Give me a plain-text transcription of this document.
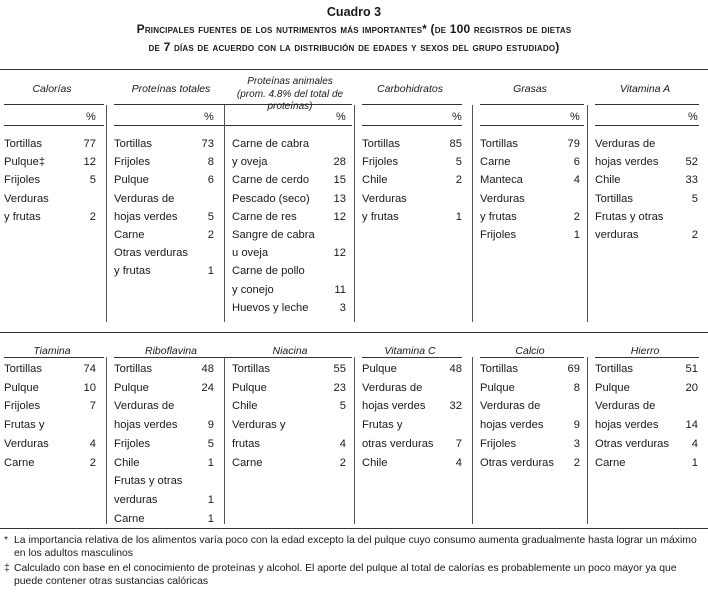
Cuadro 3
Principales fuentes de los nutrimentos más importantes* (de 100 registros de dietas
de 7 días de acuerdo con la distribución de edades y sexos del grupo estudiado)
Calorías
%
Tortillas	77
Pulque‡	12
Frijoles	5
Verduras
y frutas	2
Proteínas totales
%
Tortillas	73
Frijoles	8
Pulque	6
Verduras de
hojas verdes	5
Carne	2
Otras verduras
y frutas	1
Proteínas animales (prom. 4.8% del total de proteínas)
%
Carne de cabra
y oveja	28
Carne de cerdo	15
Pescado (seco)	13
Carne de res	12
Sangre de cabra
u oveja	12
Carne de pollo
y conejo	11
Huevos y leche	3
Carbohidratos
%
Tortillas	85
Frijoles	5
Chile	2
Verduras
y frutas	1
Grasas
%
Tortillas	79
Carne	6
Manteca	4
Verduras
y frutas	2
Frijoles	1
Vitamina A
%
Verduras de
hojas verdes	52
Chile	33
Tortillas	5
Frutas y otras
verduras	2
Tiamina
Tortillas	74
Pulque	10
Frijoles	7
Frutas y
Verduras	4
Carne	2
Riboflavina
Tortillas	48
Pulque	24
Verduras de
hojas verdes	9
Frijoles	5
Chile	1
Frutas y otras
verduras	1
Carne	1
Niacina
Tortillas	55
Pulque	23
Chile	5
Verduras y
frutas	4
Carne	2
Vitamina C
Pulque	48
Verduras de
hojas verdes	32
Frutas y
otras verduras	7
Chile	4
Calcio
Tortillas	69
Pulque	8
Verduras de
hojas verdes	9
Frijoles	3
Otras verduras	2
Hierro
Tortillas	51
Pulque	20
Verduras de
hojas verdes	14
Otras verduras	4
Carne	1
* La importancia relativa de los alimentos varía poco con la edad excepto la del pulque cuyo consumo aumenta gradualmente hasta lograr un máximo en los adultos masculinos
‡ Calculado con base en el conocimiento de proteínas y alcohol. El aporte del pulque al total de calorías es probablemente un poco mayor ya que puede contener otras sustancias calóricas
